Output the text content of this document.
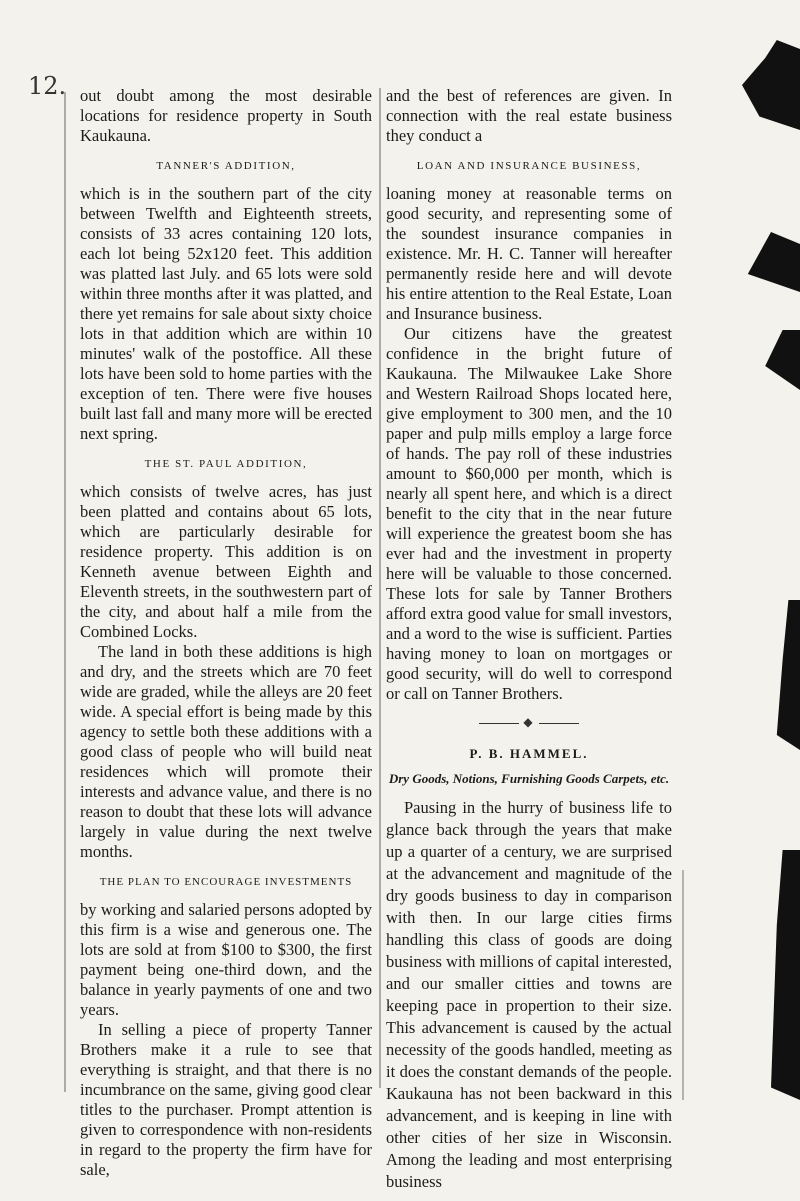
12. out doubt among the most desirable locations for residence property in South Kaukauna.

TANNER'S ADDITION,

which is in the southern part of the city between Twelfth and Eighteenth streets, consists of 33 acres containing 120 lots, each lot being 52x120 feet. This addition was platted last July. and 65 lots were sold within three months after it was platted, and there yet remains for sale about sixty choice lots in that addition which are within 10 minutes' walk of the postoffice. All these lots have been sold to home parties with the exception of ten. There were five houses built last fall and many more will be erected next spring.

THE ST. PAUL ADDITION,

which consists of twelve acres, has just been platted and contains about 65 lots, which are particularly desirable for residence property. This addition is on Kenneth avenue between Eighth and Eleventh streets, in the southwestern part of the city, and about half a mile from the Combined Locks.

The land in both these additions is high and dry, and the streets which are 70 feet wide are graded, while the alleys are 20 feet wide. A special effort is being made by this agency to settle both these additions with a good class of people who will build neat residences which will promote their interests and advance value, and there is no reason to doubt that these lots will advance largely in value during the next twelve months.

THE PLAN TO ENCOURAGE INVESTMENTS

by working and salaried persons adopted by this firm is a wise and generous one. The lots are sold at from $100 to $300, the first payment being one-third down, and the balance in yearly payments of one and two years.

In selling a piece of property Tanner Brothers make it a rule to see that everything is straight, and that there is no incumbrance on the same, giving good clear titles to the purchaser. Prompt attention is given to correspondence with non-residents in regard to the property the firm have for sale,

and the best of references are given. In connection with the real estate business they conduct a

LOAN AND INSURANCE BUSINESS,

loaning money at reasonable terms on good security, and representing some of the soundest insurance companies in existence. Mr. H. C. Tanner will hereafter permanently reside here and will devote his entire attention to the Real Estate, Loan and Insurance business.

Our citizens have the greatest confidence in the bright future of Kaukauna. The Milwaukee Lake Shore and Western Railroad Shops located here, give employment to 300 men, and the 10 paper and pulp mills employ a large force of hands. The pay roll of these industries amount to $60,000 per month, which is nearly all spent here, and which is a direct benefit to the city that in the near future will experience the greatest boom she has ever had and the investment in property here will be valuable to those concerned. These lots for sale by Tanner Brothers afford extra good value for small investors, and a word to the wise is sufficient. Parties having money to loan on mortgages or good security, will do well to correspond or call on Tanner Brothers.

◆
P. B. HAMMEL.
Dry Goods, Notions, Furnishing Goods Carpets, etc.

Pausing in the hurry of business life to glance back through the years that make up a quarter of a century, we are surprised at the advancement and magnitude of the dry goods business to day in comparison with then. In our large cities firms handling this class of goods are doing business with millions of capital interested, and our smaller citties and towns are keeping pace in propertion to their size. This advancement is caused by the actual necessity of the goods handled, meeting as it does the constant demands of the people. Kaukauna has not been backward in this advancement, and is keeping in line with other cities of her size in Wisconsin. Among the leading and most enterprising business
